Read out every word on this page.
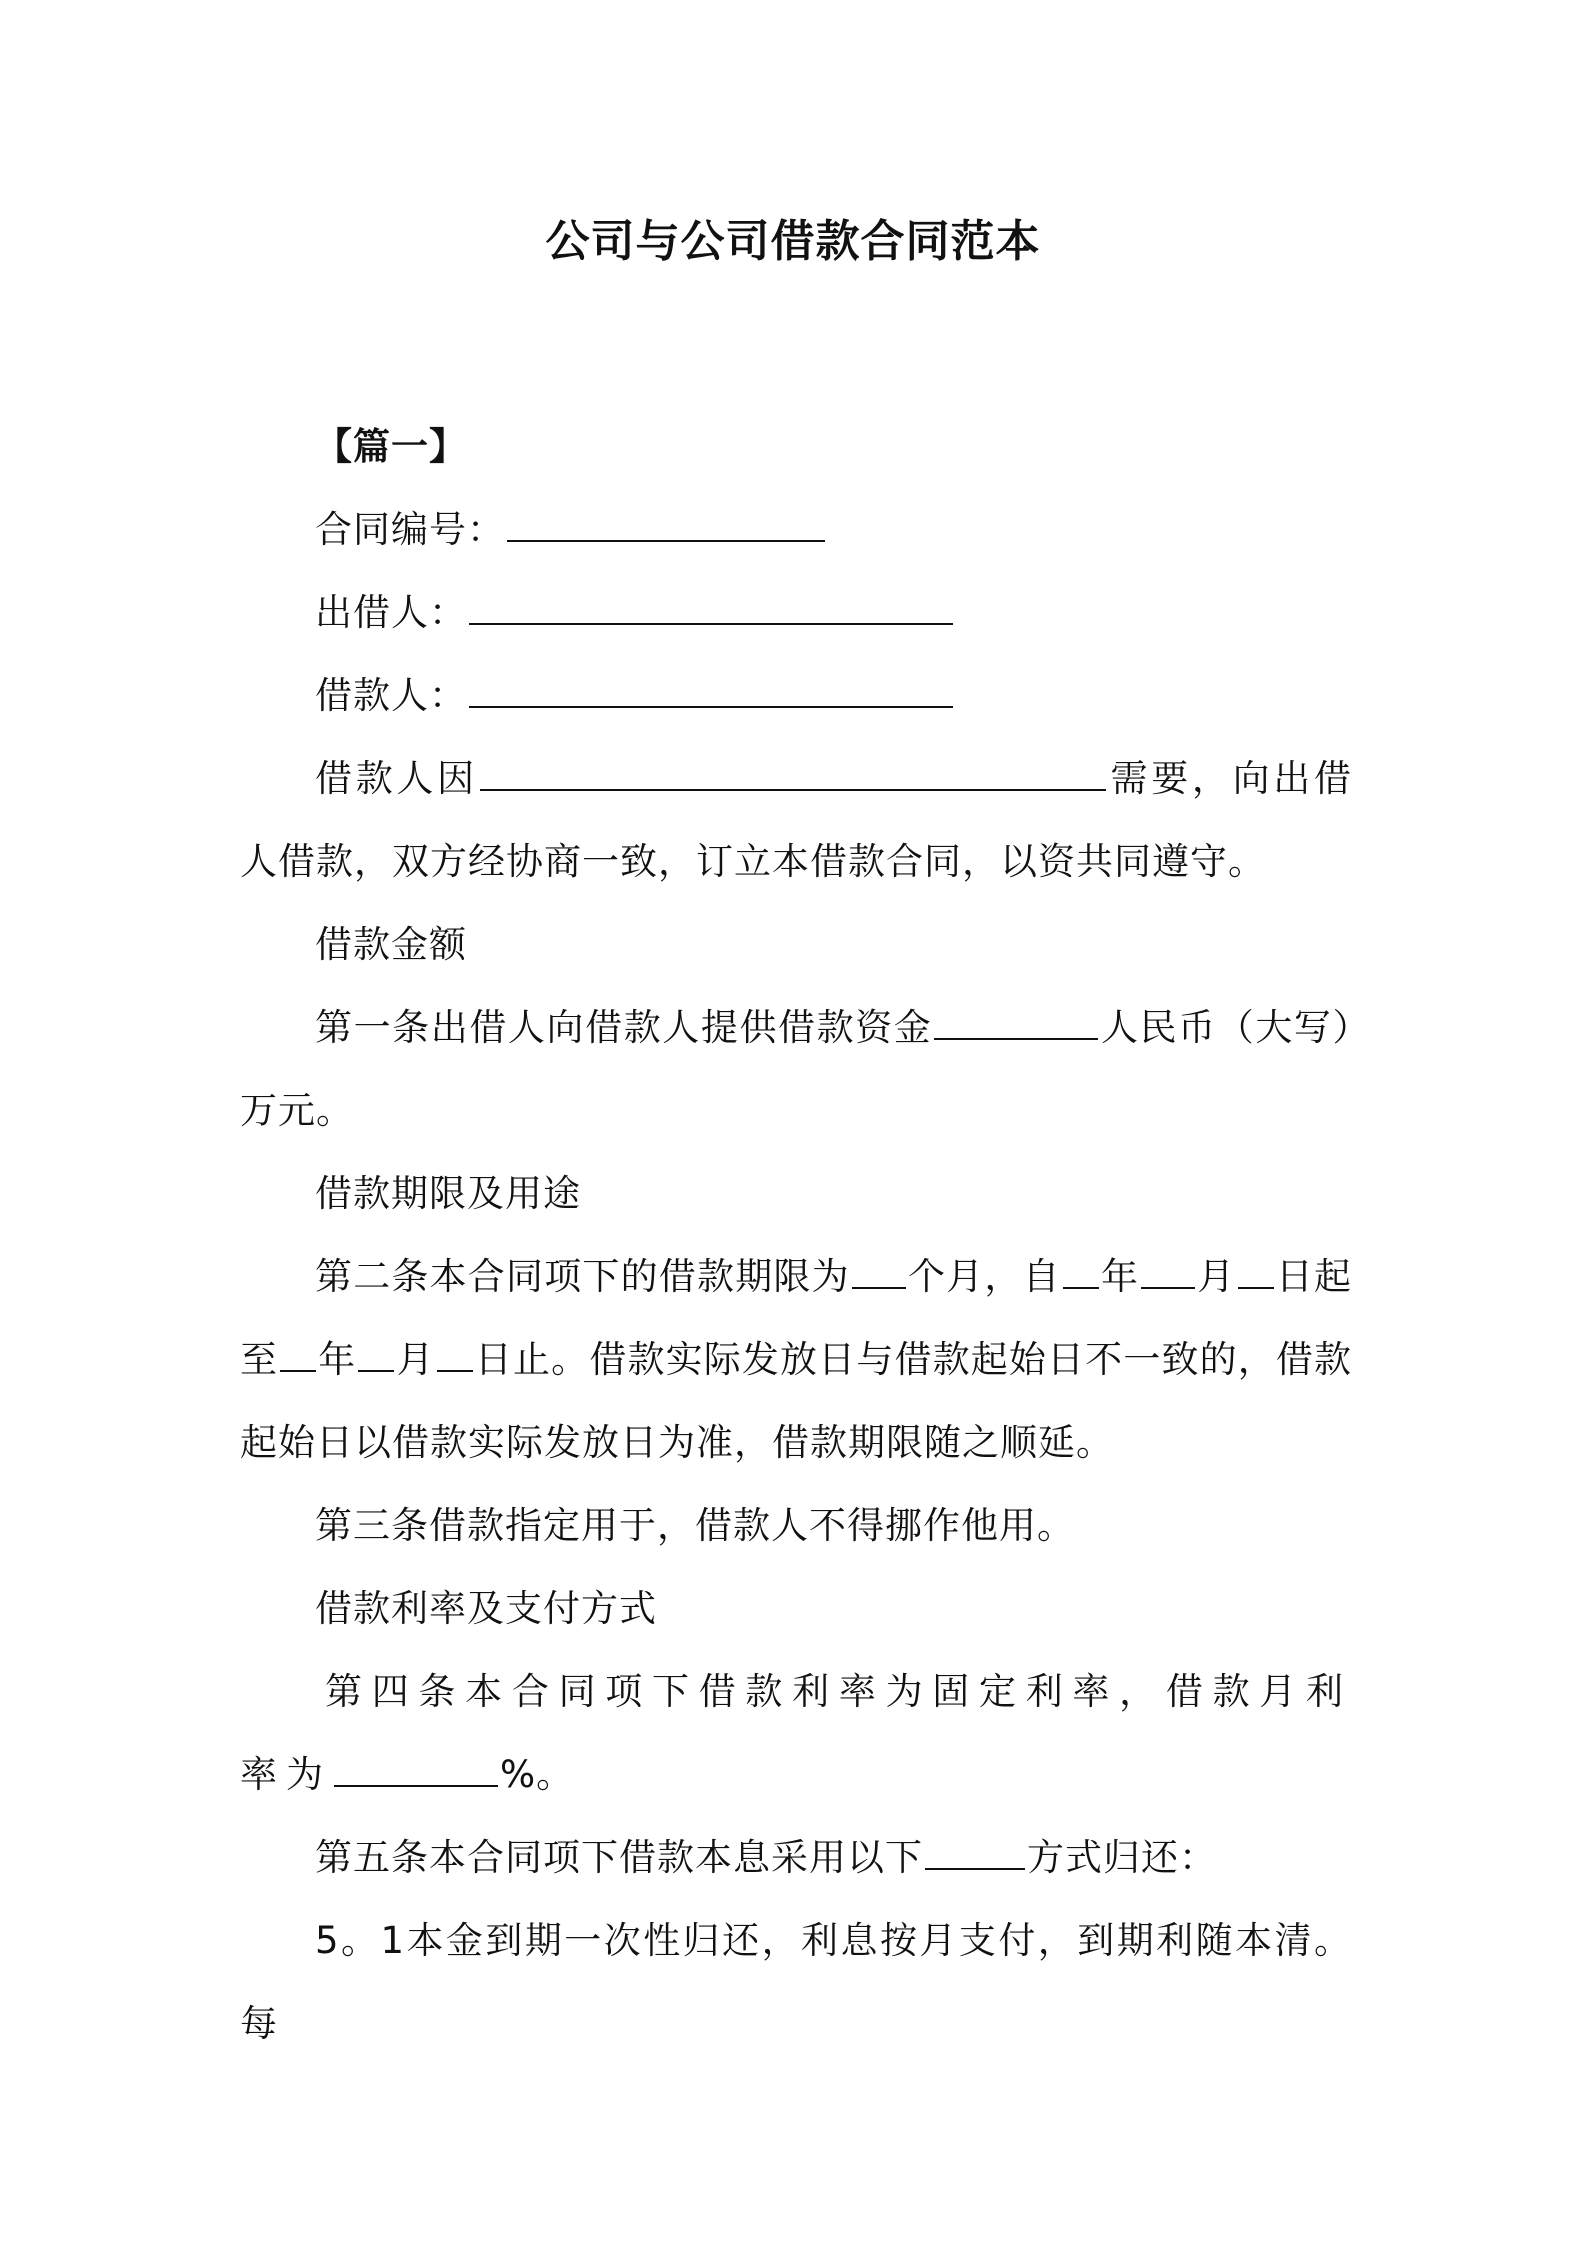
公司与公司借款合同范本

【篇一】

合同编号：

出借人：

借款人：

借款人因	需要，向出借人借款，双方经协商一致，订立本借款合同，以资共同遵守。

借款金额

第一条出借人向借款人提供借款资金	人民币（大写）万元。

借款期限及用途

第二条本合同项下的借款期限为 个月，自 年 月 日起至 年 月 日止。借款实际发放日与借款起始日不一致的，借款起始日以借款实际发放日为准，借款期限随之顺延。

第三条借款指定用于，借款人不得挪作他用。

借款利率及支付方式

第四条本合同项下借款利率为固定利率，借款月利率为	%。

第五条本合同项下借款本息采用以下	方式归还：

5。1本金到期一次性归还，利息按月支付，到期利随本清。每
